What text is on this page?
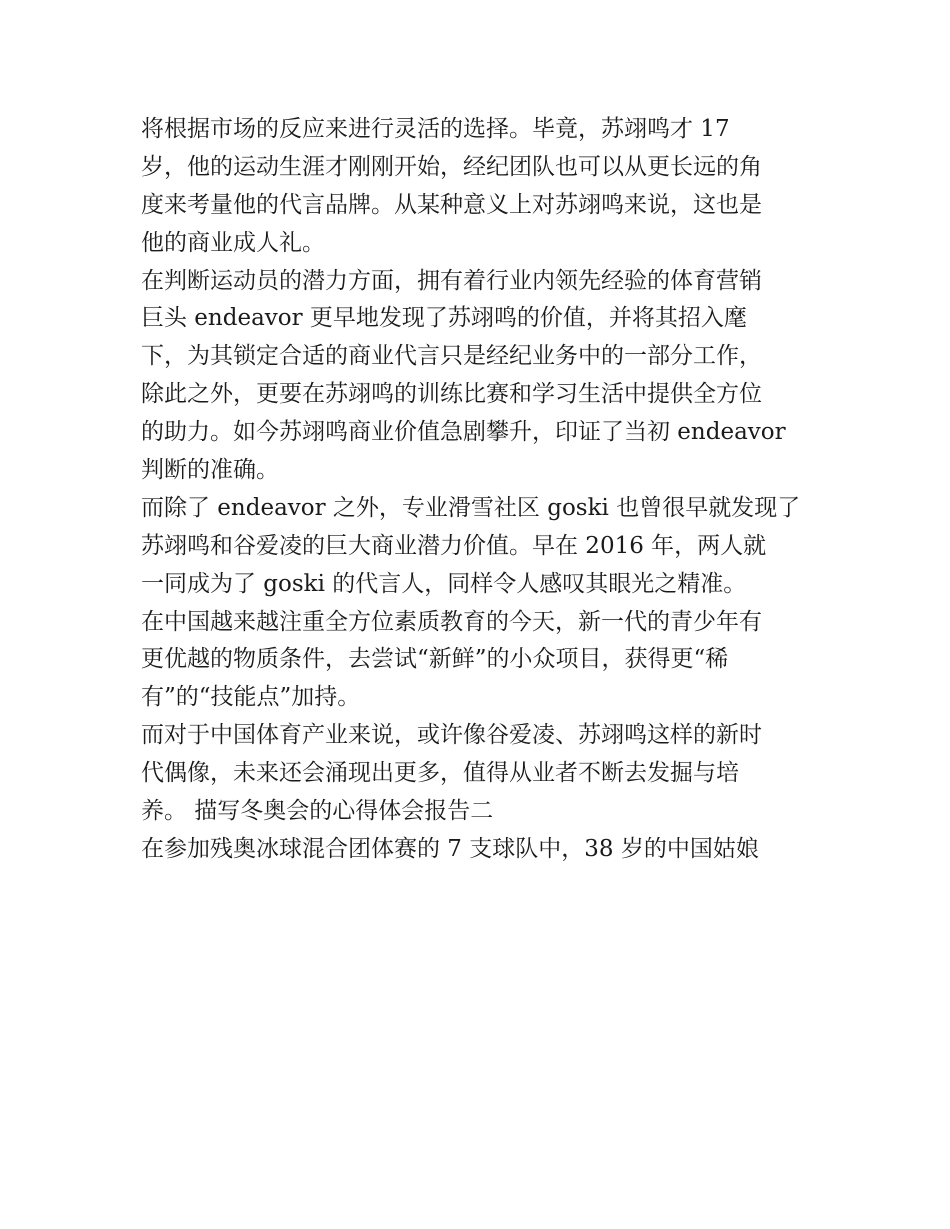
将根据市场的反应来进行灵活的选择。毕竟，苏翊鸣才 17
岁，他的运动生涯才刚刚开始，经纪团队也可以从更长远的角
度来考量他的代言品牌。从某种意义上对苏翊鸣来说，这也是
他的商业成人礼。
在判断运动员的潜力方面，拥有着行业内领先经验的体育营销
巨头 endeavor 更早地发现了苏翊鸣的价值，并将其招入麾
下，为其锁定合适的商业代言只是经纪业务中的一部分工作，
除此之外，更要在苏翊鸣的训练比赛和学习生活中提供全方位
的助力。如今苏翊鸣商业价值急剧攀升，印证了当初 endeavor
判断的准确。
而除了 endeavor 之外，专业滑雪社区 goski 也曾很早就发现了
苏翊鸣和谷爱凌的巨大商业潜力价值。早在 2016 年，两人就
一同成为了 goski 的代言人，同样令人感叹其眼光之精准。
在中国越来越注重全方位素质教育的今天，新一代的青少年有
更优越的物质条件，去尝试“新鲜”的小众项目，获得更“稀
有”的“技能点”加持。
而对于中国体育产业来说，或许像谷爱凌、苏翊鸣这样的新时
代偶像，未来还会涌现出更多，值得从业者不断去发掘与培
养。 描写冬奥会的心得体会报告二
在参加残奥冰球混合团体赛的 7 支球队中，38 岁的中国姑娘
